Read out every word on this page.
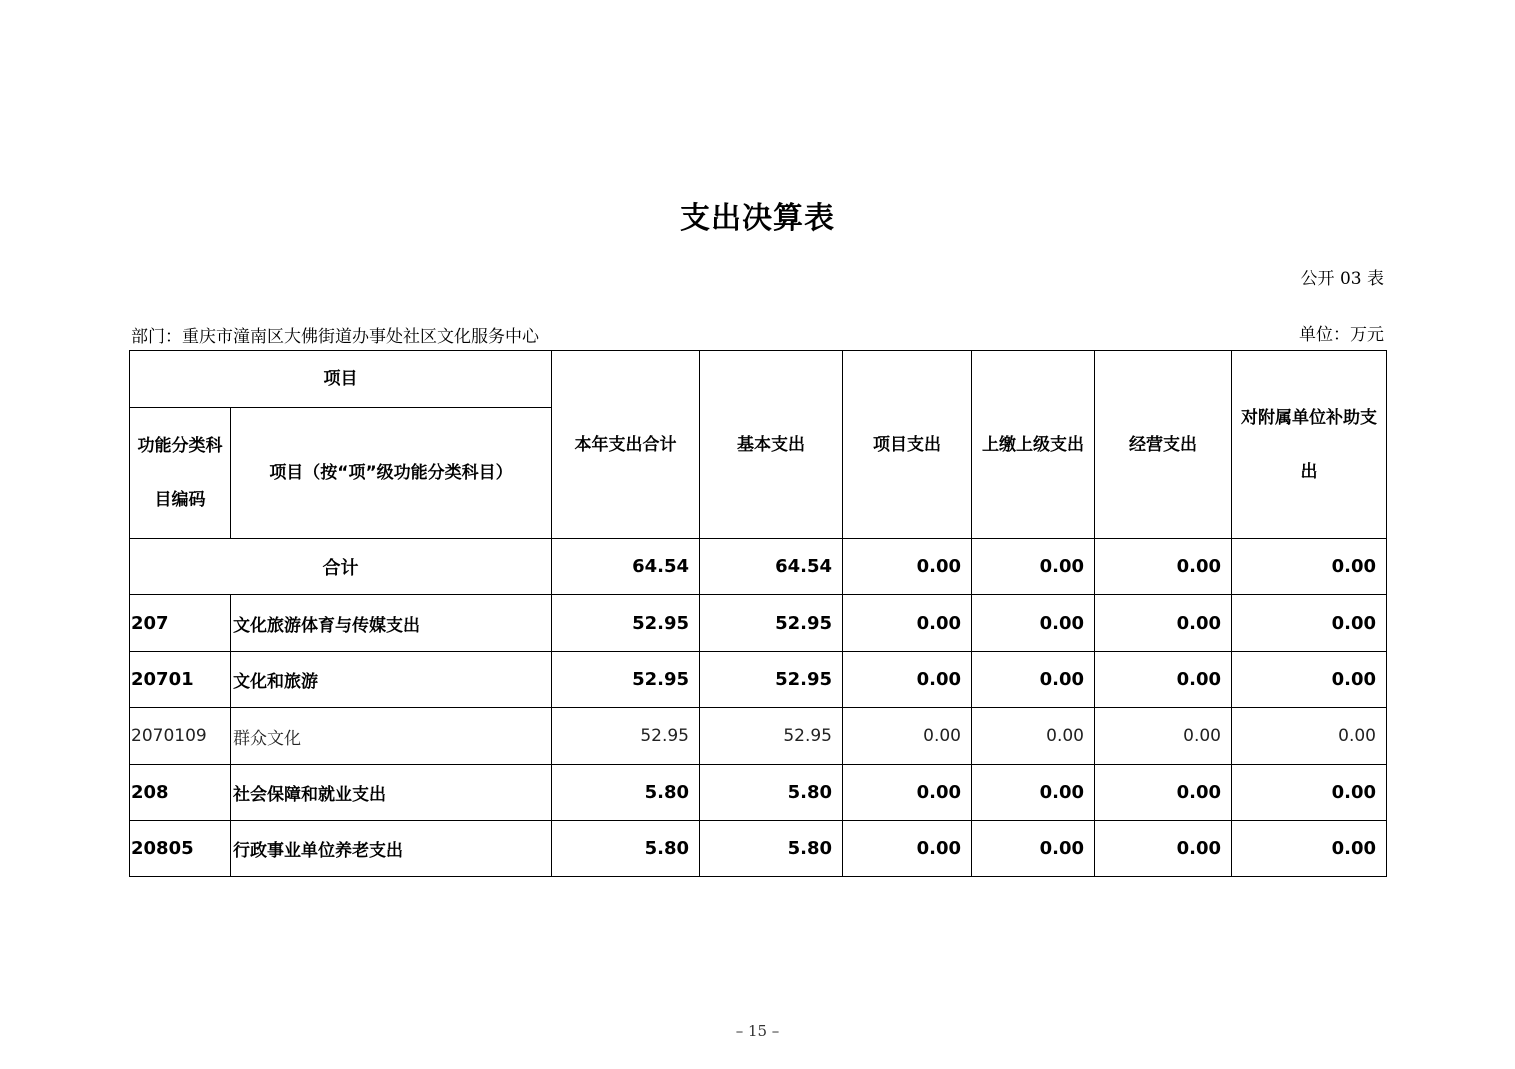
支出决算表
公开 03 表
部门：重庆市潼南区大佛街道办事处社区文化服务中心	单位：万元
项目		本年支出合计	基本支出	项目支出	上缴上级支出	经营支出	对附属单位补助支出
功能分类科目编码	项目（按“项”级功能分类科目）						
合计		64.54	64.54	0.00	0.00	0.00	0.00
207	文化旅游体育与传媒支出	52.95	52.95	0.00	0.00	0.00	0.00
20701	文化和旅游	52.95	52.95	0.00	0.00	0.00	0.00
2070109	群众文化	52.95	52.95	0.00	0.00	0.00	0.00
208	社会保障和就业支出	5.80	5.80	0.00	0.00	0.00	0.00
20805	行政事业单位养老支出	5.80	5.80	0.00	0.00	0.00	0.00
– 15 –
